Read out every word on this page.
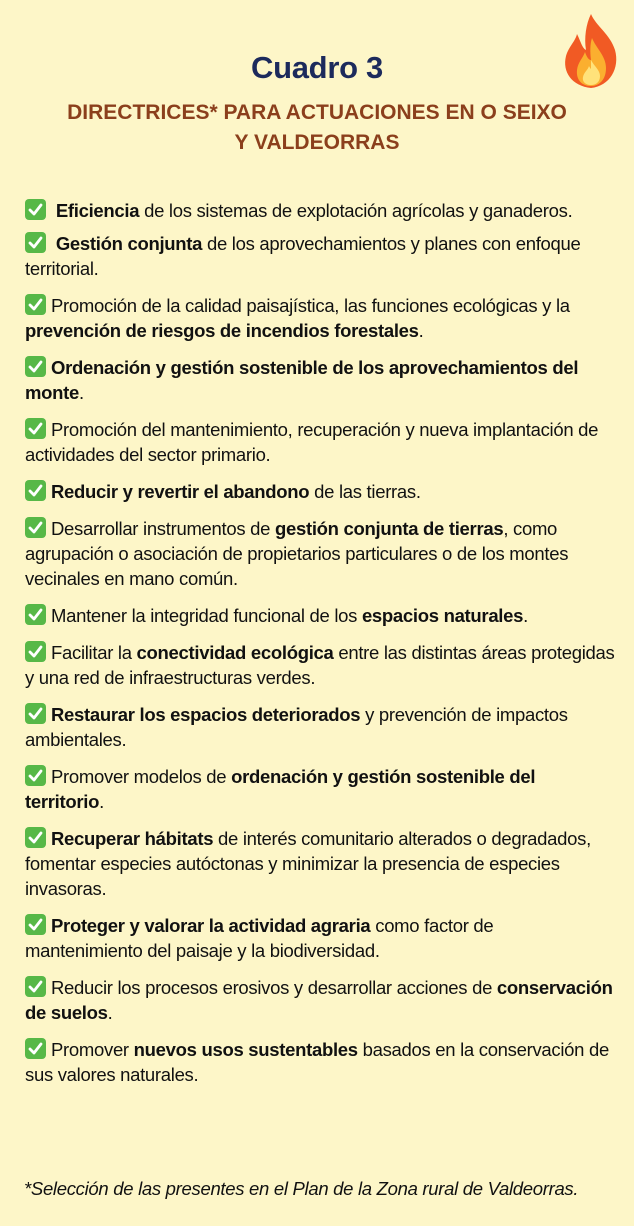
Cuadro 3
DIRECTRICES* PARA ACTUACIONES EN O SEIXO
Y VALDEORRAS
Eficiencia de los sistemas de explotación agrícolas y ganaderos.
Gestión conjunta de los aprovechamientos y planes con enfoque territorial.
Promoción de la calidad paisajística, las funciones ecológicas y la prevención de riesgos de incendios forestales.
Ordenación y gestión sostenible de los aprovechamientos del monte.
Promoción del mantenimiento, recuperación y nueva implantación de actividades del sector primario.
Reducir y revertir el abandono de las tierras.
Desarrollar instrumentos de gestión conjunta de tierras, como agrupación o asociación de propietarios particulares o de los montes vecinales en mano común.
Mantener la integridad funcional de los espacios naturales.
Facilitar la conectividad ecológica entre las distintas áreas protegidas y una red de infraestructuras verdes.
Restaurar los espacios deteriorados y prevención de impactos ambientales.
Promover modelos de ordenación y gestión sostenible del territorio.
Recuperar hábitats de interés comunitario alterados o degradados, fomentar especies autóctonas y minimizar la presencia de especies invasoras.
Proteger y valorar la actividad agraria como factor de mantenimiento del paisaje y la biodiversidad.
Reducir los procesos erosivos y desarrollar acciones de conservación de suelos.
Promover nuevos usos sustentables basados en la conservación de sus valores naturales.
*Selección de las presentes en el Plan de la Zona rural de Valdeorras.
